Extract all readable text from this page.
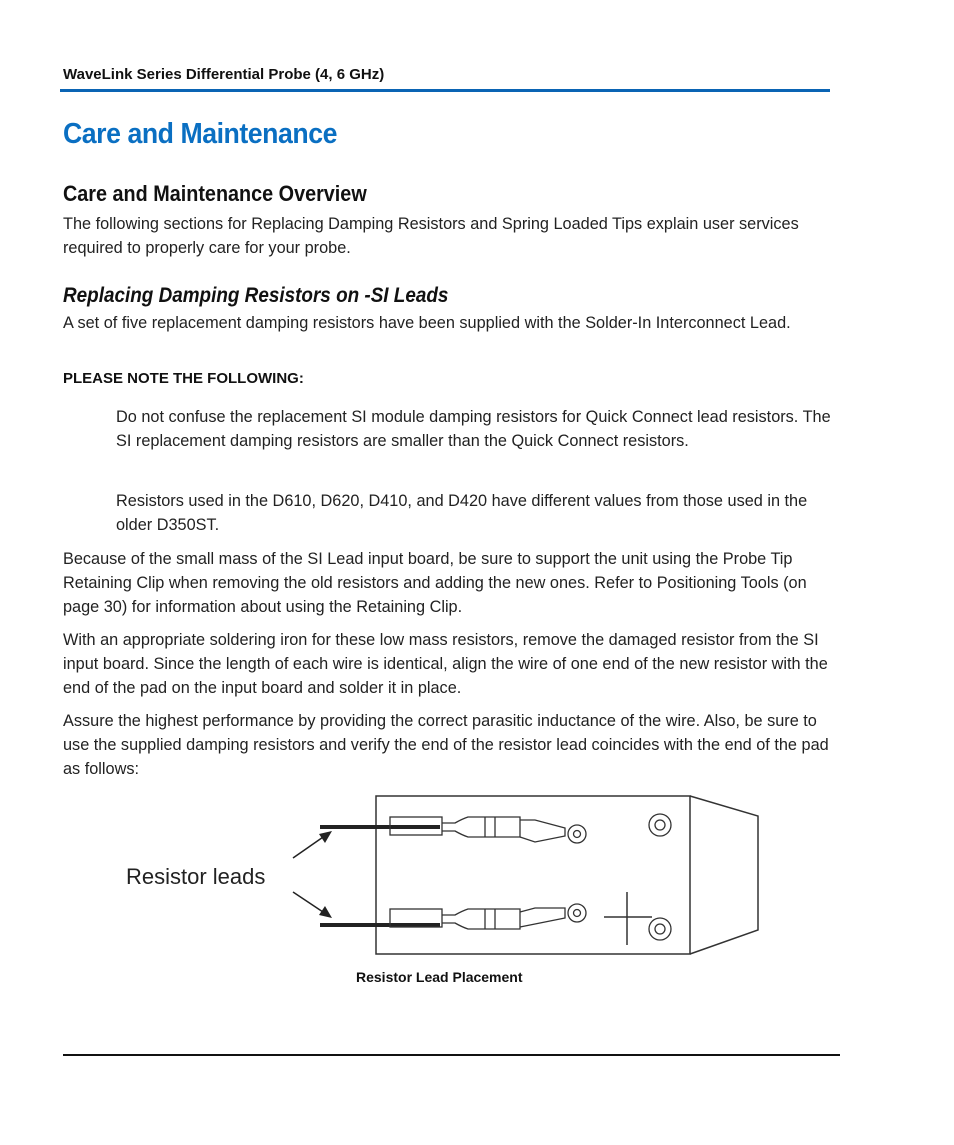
WaveLink Series Differential Probe (4, 6 GHz)
Care and Maintenance
Care and Maintenance Overview
The following sections for Replacing Damping Resistors and Spring Loaded Tips explain user services required to properly care for your probe.
Replacing Damping Resistors on -SI Leads
A set of five replacement damping resistors have been supplied with the Solder-In Interconnect Lead.
PLEASE NOTE THE FOLLOWING:
Do not confuse the replacement SI module damping resistors for Quick Connect lead resistors. The SI replacement damping resistors are smaller than the Quick Connect resistors.
Resistors used in the D610, D620, D410, and D420 have different values from those used in the older D350ST.
Because of the small mass of the SI Lead input board, be sure to support the unit using the Probe Tip Retaining Clip when removing the old resistors and adding the new ones. Refer to Positioning Tools (on page 30) for information about using the Retaining Clip.
With an appropriate soldering iron for these low mass resistors, remove the damaged resistor from the SI input board. Since the length of each wire is identical, align the wire of one end of the new resistor with the end of the pad on the input board and solder it in place.
Assure the highest performance by providing the correct parasitic inductance of the wire. Also, be sure to use the supplied damping resistors and verify the end of the resistor lead coincides with the end of the pad as follows:
Resistor leads
Resistor Lead Placement
